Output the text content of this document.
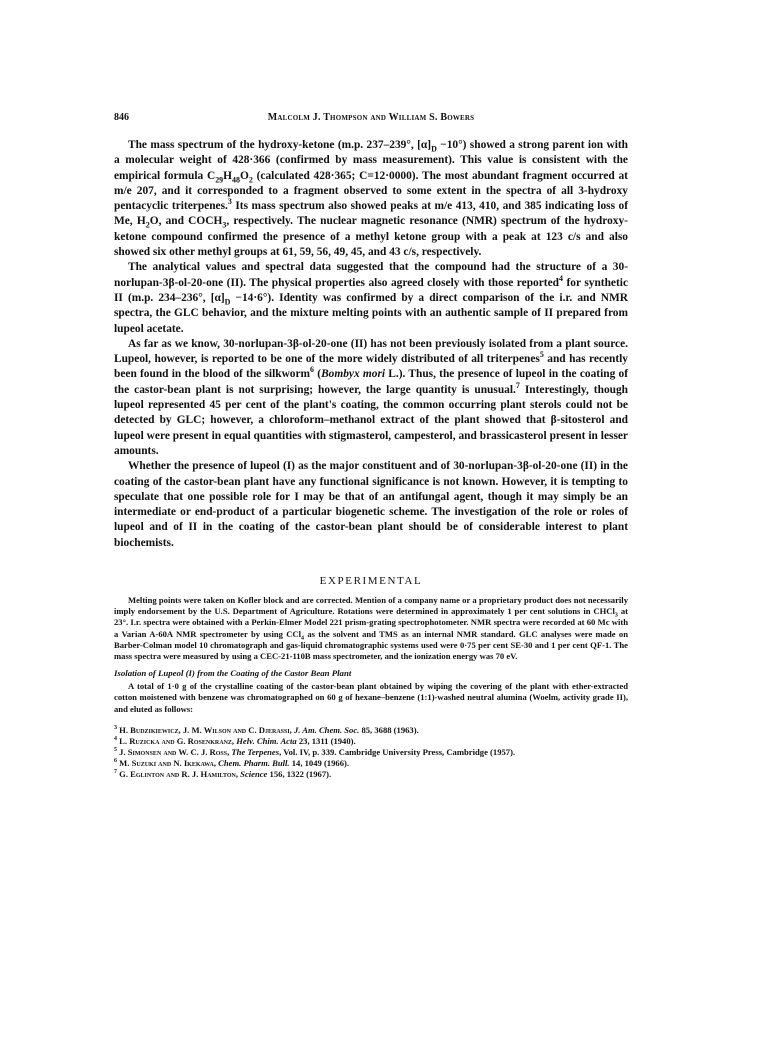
846	Malcolm J. Thompson and William S. Bowers

The mass spectrum of the hydroxy-ketone (m.p. 237–239°, $[\alpha]_D -10^\circ$) showed a strong parent ion with a molecular weight of 428·366 (confirmed by mass measurement). This value is consistent with the empirical formula $C_{29}H_{48}O_2$ (calculated 428·365; C=12·0000). The most abundant fragment occurred at m/e 207, and it corresponded to a fragment observed to some extent in the spectra of all 3-hydroxy pentacyclic triterpenes.$^3$ Its mass spectrum also showed peaks at m/e 413, 410, and 385 indicating loss of Me, $H_2O$, and $COCH_3$, respectively. The nuclear magnetic resonance (NMR) spectrum of the hydroxy-ketone compound confirmed the presence of a methyl ketone group with a peak at 123 c/s and also showed six other methyl groups at 61, 59, 56, 49, 45, and 43 c/s, respectively.

The analytical values and spectral data suggested that the compound had the structure of a 30-norlupan-3β-ol-20-one (II). The physical properties also agreed closely with those reported$^4$ for synthetic II (m.p. 234–236°, $[\alpha]_D -14\cdot 6^\circ$). Identity was confirmed by a direct comparison of the i.r. and NMR spectra, the GLC behavior, and the mixture melting points with an authentic sample of II prepared from lupeol acetate.

As far as we know, 30-norlupan-3β-ol-20-one (II) has not been previously isolated from a plant source. Lupeol, however, is reported to be one of the more widely distributed of all triterpenes$^5$ and has recently been found in the blood of the silkworm$^6$ (Bombyx mori L.). Thus, the presence of lupeol in the coating of the castor-bean plant is not surprising; however, the large quantity is unusual.$^7$ Interestingly, though lupeol represented 45 per cent of the plant's coating, the common occurring plant sterols could not be detected by GLC; however, a chloroform–methanol extract of the plant showed that β-sitosterol and lupeol were present in equal quantities with stigmasterol, campesterol, and brassicasterol present in lesser amounts.

Whether the presence of lupeol (I) as the major constituent and of 30-norlupan-3β-ol-20-one (II) in the coating of the castor-bean plant have any functional significance is not known. However, it is tempting to speculate that one possible role for I may be that of an antifungal agent, though it may simply be an intermediate or end-product of a particular biogenetic scheme. The investigation of the role or roles of lupeol and of II in the coating of the castor-bean plant should be of considerable interest to plant biochemists.

EXPERIMENTAL

Melting points were taken on Kofler block and are corrected. Mention of a company name or a proprietary product does not necessarily imply endorsement by the U.S. Department of Agriculture. Rotations were determined in approximately 1 per cent solutions in CHCl$_3$ at 23°. I.r. spectra were obtained with a Perkin-Elmer Model 221 prism-grating spectrophotometer. NMR spectra were recorded at 60 Mc with a Varian A-60A NMR spectrometer by using CCl$_4$ as the solvent and TMS as an internal NMR standard. GLC analyses were made on Barber-Colman model 10 chromatograph and gas-liquid chromatographic systems used were 0·75 per cent SE-30 and 1 per cent QF-1. The mass spectra were measured by using a CEC-21-110B mass spectrometer, and the ionization energy was 70 eV.

Isolation of Lupeol (I) from the Coating of the Castor Bean Plant

A total of 1·0 g of the crystalline coating of the castor-bean plant obtained by wiping the covering of the plant with ether-extracted cotton moistened with benzene was chromatographed on 60 g of hexane–benzene (1:1)-washed neutral alumina (Woelm, activity grade II), and eluted as follows:

$^3$ H. Budzikiewicz, J. M. Wilson and C. Djerassi, J. Am. Chem. Soc. 85, 3688 (1963).

$^4$ L. Ruzicka and G. Rosenkranz, Helv. Chim. Acta 23, 1311 (1940).

$^5$ J. Simonsen and W. C. J. Ross, The Terpenes, Vol. IV, p. 339. Cambridge University Press, Cambridge (1957).

$^6$ M. Suzuki and N. Ikekawa, Chem. Pharm. Bull. 14, 1049 (1966).

$^7$ G. Eglinton and R. J. Hamilton, Science 156, 1322 (1967).
